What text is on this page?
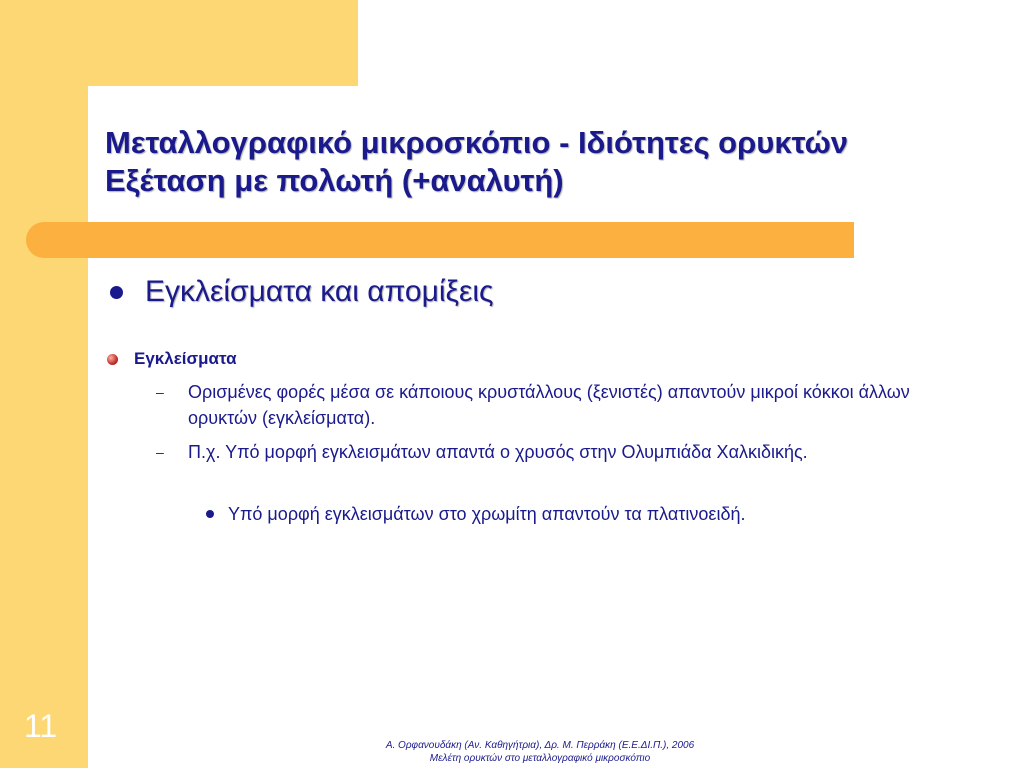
Μεταλλογραφικό μικροσκόπιο - Ιδιότητες ορυκτών
Εξέταση με πολωτή (+αναλυτή)
Εγκλείσματα και απομίξεις
Εγκλείσματα
–	Ορισμένες φορές μέσα σε κάποιους κρυστάλλους (ξενιστές) απαντούν μικροί κόκκοι άλλων ορυκτών (εγκλείσματα).
–	Π.χ. Υπό μορφή εγκλεισμάτων απαντά ο χρυσός στην Ολυμπιάδα Χαλκιδικής.
Υπό μορφή εγκλεισμάτων στο χρωμίτη απαντούν τα πλατινοειδή.
11
Α. Ορφανουδάκη (Αν. Καθηγήτρια), Δρ. Μ. Περράκη (Ε.Ε.ΔΙ.Π.), 2006
Μελέτη ορυκτών στο μεταλλογραφικό μικροσκόπιο
